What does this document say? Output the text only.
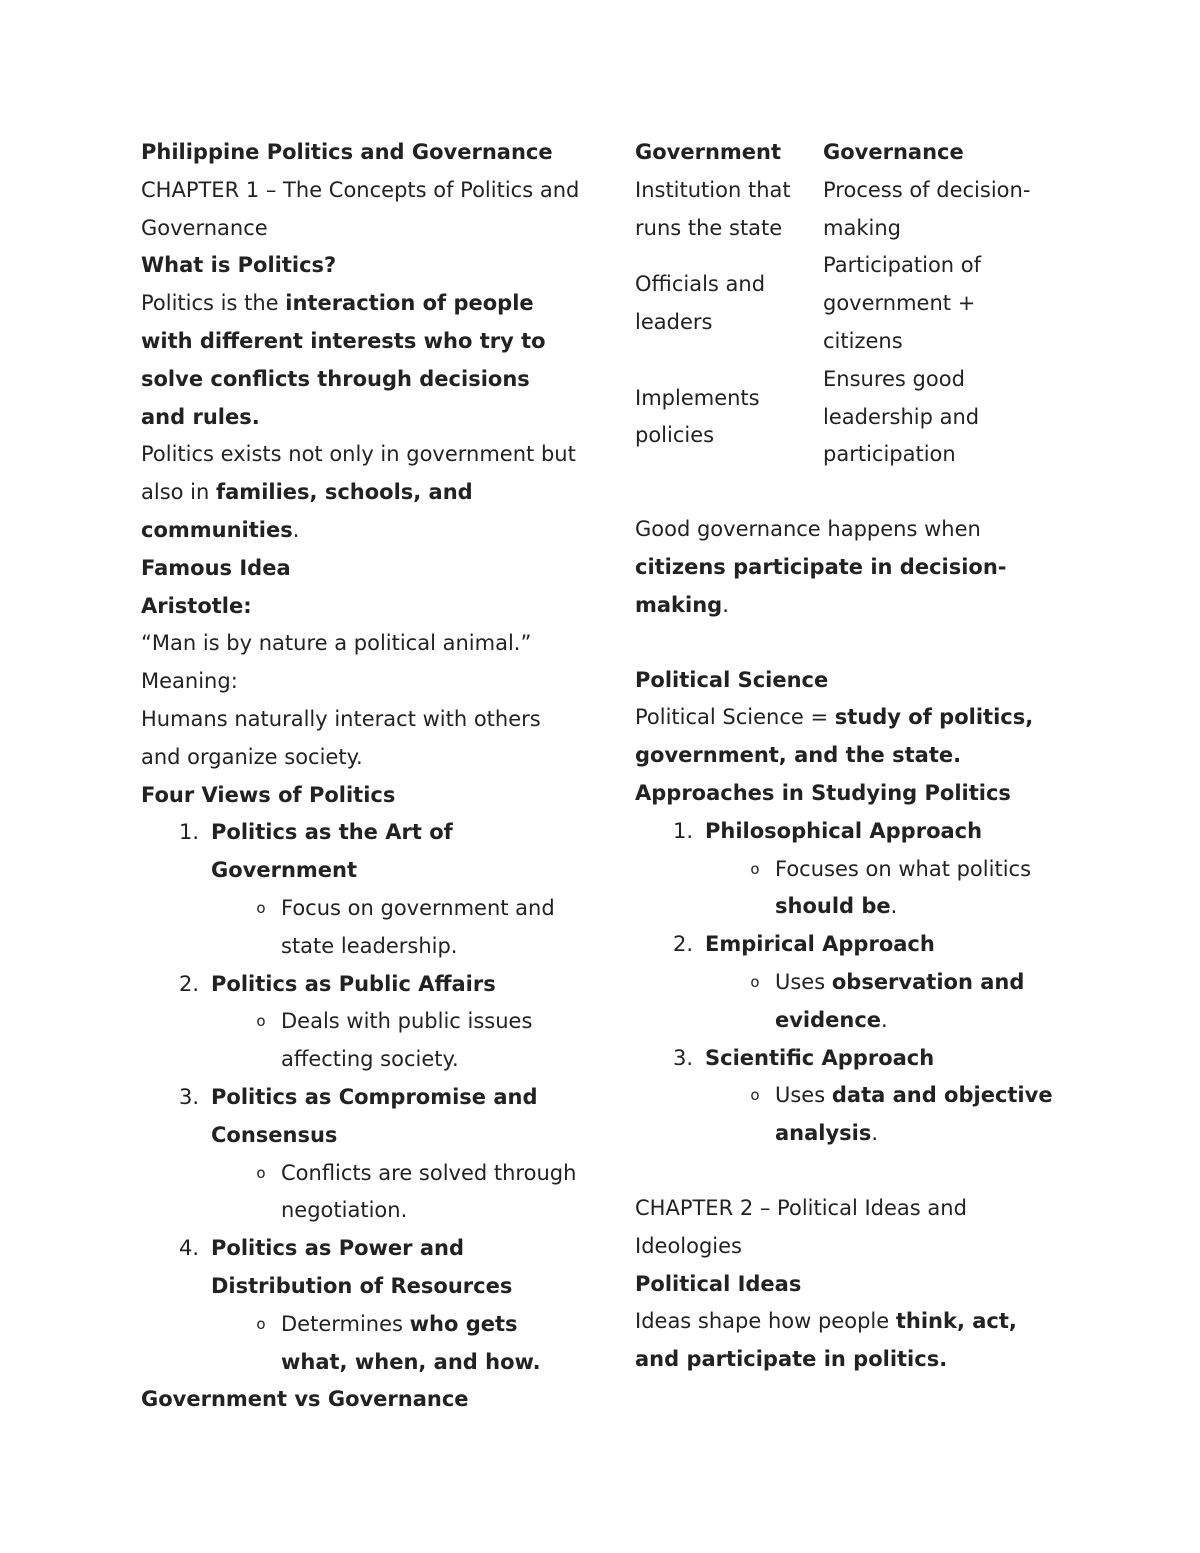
Philippine Politics and Governance

CHAPTER 1 – The Concepts of Politics and Governance

What is Politics?

Politics is the interaction of people with different interests who try to solve conflicts through decisions and rules.

Politics exists not only in government but also in families, schools, and communities.

Famous Idea

Aristotle:

“Man is by nature a political animal.”

Meaning:

Humans naturally interact with others and organize society.

Four Views of Politics

1. Politics as the Art of Government
o Focus on government and state leadership.
2. Politics as Public Affairs
o Deals with public issues affecting society.
3. Politics as Compromise and Consensus
o Conflicts are solved through negotiation.
4. Politics as Power and Distribution of Resources
o Determines who gets what, when, and how.

Government vs Governance

Government Governance
Institution that runs the state
Process of decision-making
Officials and leaders
Participation of government + citizens
Implements policies
Ensures good leadership and participation

Good governance happens when citizens participate in decision-making.

Political Science

Political Science = study of politics, government, and the state.

Approaches in Studying Politics

1. Philosophical Approach
o Focuses on what politics should be.
2. Empirical Approach
o Uses observation and evidence.
3. Scientific Approach
o Uses data and objective analysis.

CHAPTER 2 – Political Ideas and Ideologies

Political Ideas

Ideas shape how people think, act, and participate in politics.
